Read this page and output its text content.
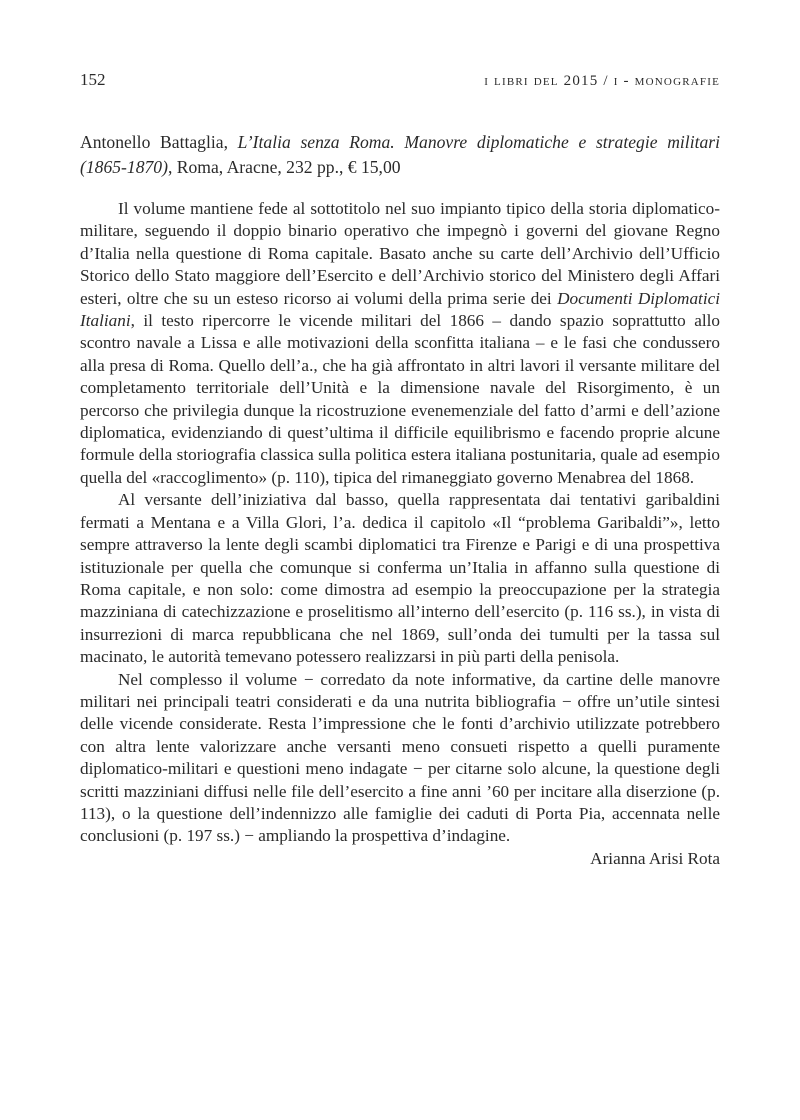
152	i libri del 2015 / i - monografie
Antonello Battaglia, L’Italia senza Roma. Manovre diplomatiche e strategie militari (1865-1870), Roma, Aracne, 232 pp., € 15,00

Il volume mantiene fede al sottotitolo nel suo impianto tipico della storia diplomatico-militare, seguendo il doppio binario operativo che impegnò i governi del giovane Regno d’Italia nella questione di Roma capitale. Basato anche su carte dell’Archivio dell’Ufficio Storico dello Stato maggiore dell’Esercito e dell’Archivio storico del Ministero degli Affari esteri, oltre che su un esteso ricorso ai volumi della prima serie dei Documenti Diplomatici Italiani, il testo ripercorre le vicende militari del 1866 – dando spazio soprattutto allo scontro navale a Lissa e alle motivazioni della sconfitta italiana – e le fasi che condussero alla presa di Roma. Quello dell’a., che ha già affrontato in altri lavori il versante militare del completamento territoriale dell’Unità e la dimensione navale del Risorgimento, è un percorso che privilegia dunque la ricostruzione evenemenziale del fatto d’armi e dell’azione diplomatica, evidenziando di quest’ultima il difficile equilibrismo e facendo proprie alcune formule della storiografia classica sulla politica estera italiana postunitaria, quale ad esempio quella del «raccoglimento» (p. 110), tipica del rimaneggiato governo Menabrea del 1868.

Al versante dell’iniziativa dal basso, quella rappresentata dai tentativi garibaldini fermati a Mentana e a Villa Glori, l’a. dedica il capitolo «Il “problema Garibaldi”», letto sempre attraverso la lente degli scambi diplomatici tra Firenze e Parigi e di una prospettiva istituzionale per quella che comunque si conferma un’Italia in affanno sulla questione di Roma capitale, e non solo: come dimostra ad esempio la preoccupazione per la strategia mazziniana di catechizzazione e proselitismo all’interno dell’esercito (p. 116 ss.), in vista di insurrezioni di marca repubblicana che nel 1869, sull’onda dei tumulti per la tassa sul macinato, le autorità temevano potessero realizzarsi in più parti della penisola.

Nel complesso il volume − corredato da note informative, da cartine delle manovre militari nei principali teatri considerati e da una nutrita bibliografia − offre un’utile sintesi delle vicende considerate. Resta l’impressione che le fonti d’archivio utilizzate potrebbero con altra lente valorizzare anche versanti meno consueti rispetto a quelli puramente diplomatico-militari e questioni meno indagate − per citarne solo alcune, la questione degli scritti mazziniani diffusi nelle file dell’esercito a fine anni ’60 per incitare alla diserzione (p. 113), o la questione dell’indennizzo alle famiglie dei caduti di Porta Pia, accennata nelle conclusioni (p. 197 ss.) − ampliando la prospettiva d’indagine.

Arianna Arisi Rota
